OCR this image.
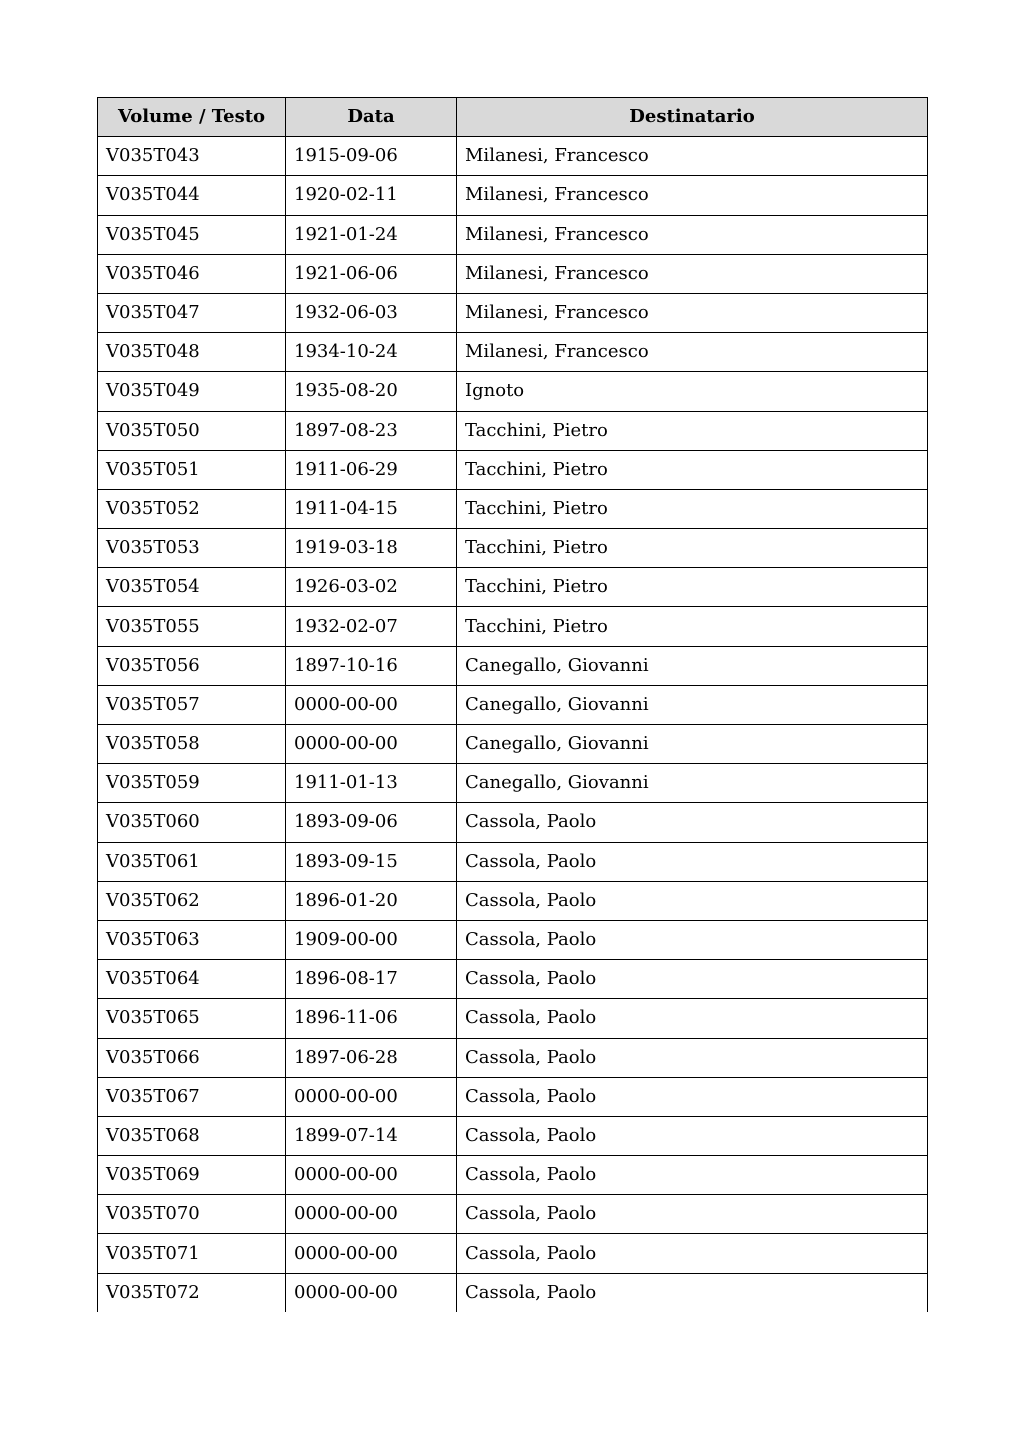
Volume / Testo	Data	Destinatario
V035T043	1915-09-06	Milanesi, Francesco
V035T044	1920-02-11	Milanesi, Francesco
V035T045	1921-01-24	Milanesi, Francesco
V035T046	1921-06-06	Milanesi, Francesco
V035T047	1932-06-03	Milanesi, Francesco
V035T048	1934-10-24	Milanesi, Francesco
V035T049	1935-08-20	Ignoto
V035T050	1897-08-23	Tacchini, Pietro
V035T051	1911-06-29	Tacchini, Pietro
V035T052	1911-04-15	Tacchini, Pietro
V035T053	1919-03-18	Tacchini, Pietro
V035T054	1926-03-02	Tacchini, Pietro
V035T055	1932-02-07	Tacchini, Pietro
V035T056	1897-10-16	Canegallo, Giovanni
V035T057	0000-00-00	Canegallo, Giovanni
V035T058	0000-00-00	Canegallo, Giovanni
V035T059	1911-01-13	Canegallo, Giovanni
V035T060	1893-09-06	Cassola, Paolo
V035T061	1893-09-15	Cassola, Paolo
V035T062	1896-01-20	Cassola, Paolo
V035T063	1909-00-00	Cassola, Paolo
V035T064	1896-08-17	Cassola, Paolo
V035T065	1896-11-06	Cassola, Paolo
V035T066	1897-06-28	Cassola, Paolo
V035T067	0000-00-00	Cassola, Paolo
V035T068	1899-07-14	Cassola, Paolo
V035T069	0000-00-00	Cassola, Paolo
V035T070	0000-00-00	Cassola, Paolo
V035T071	0000-00-00	Cassola, Paolo
V035T072	0000-00-00	Cassola, Paolo
